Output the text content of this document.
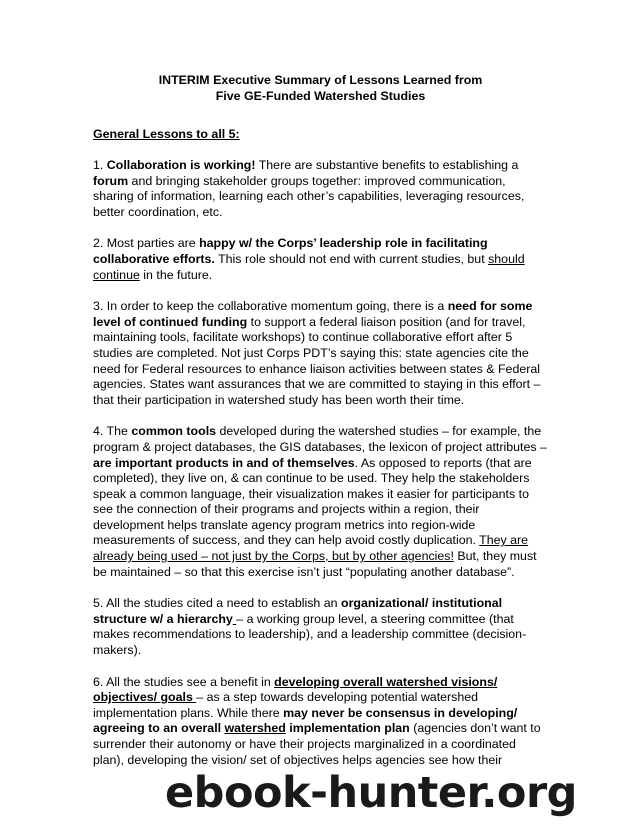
INTERIM Executive Summary of Lessons Learned from
Five GE-Funded Watershed Studies

General Lessons to all 5:

1. Collaboration is working! There are substantive benefits to establishing a forum and bringing stakeholder groups together: improved communication, sharing of information, learning each other’s capabilities, leveraging resources, better coordination, etc.

2. Most parties are happy w/ the Corps’ leadership role in facilitating collaborative efforts. This role should not end with current studies, but should continue in the future.

3. In order to keep the collaborative momentum going, there is a need for some level of continued funding to support a federal liaison position (and for travel, maintaining tools, facilitate workshops) to continue collaborative effort after 5 studies are completed. Not just Corps PDT’s saying this: state agencies cite the need for Federal resources to enhance liaison activities between states & Federal agencies. States want assurances that we are committed to staying in this effort – that their participation in watershed study has been worth their time.

4. The common tools developed during the watershed studies – for example, the program & project databases, the GIS databases, the lexicon of project attributes – are important products in and of themselves. As opposed to reports (that are completed), they live on, & can continue to be used. They help the stakeholders speak a common language, their visualization makes it easier for participants to see the connection of their programs and projects within a region, their development helps translate agency program metrics into region-wide measurements of success, and they can help avoid costly duplication. They are already being used – not just by the Corps, but by other agencies! But, they must be maintained – so that this exercise isn’t just “populating another database”.

5. All the studies cited a need to establish an organizational/ institutional structure w/ a hierarchy – a working group level, a steering committee (that makes recommendations to leadership), and a leadership committee (decision-makers).

6. All the studies see a benefit in developing overall watershed visions/ objectives/ goals – as a step towards developing potential watershed implementation plans. While there may never be consensus in developing/ agreeing to an overall watershed implementation plan (agencies don’t want to surrender their autonomy or have their projects marginalized in a coordinated plan), developing the vision/ set of objectives helps agencies see how their

ebook-hunter.org
